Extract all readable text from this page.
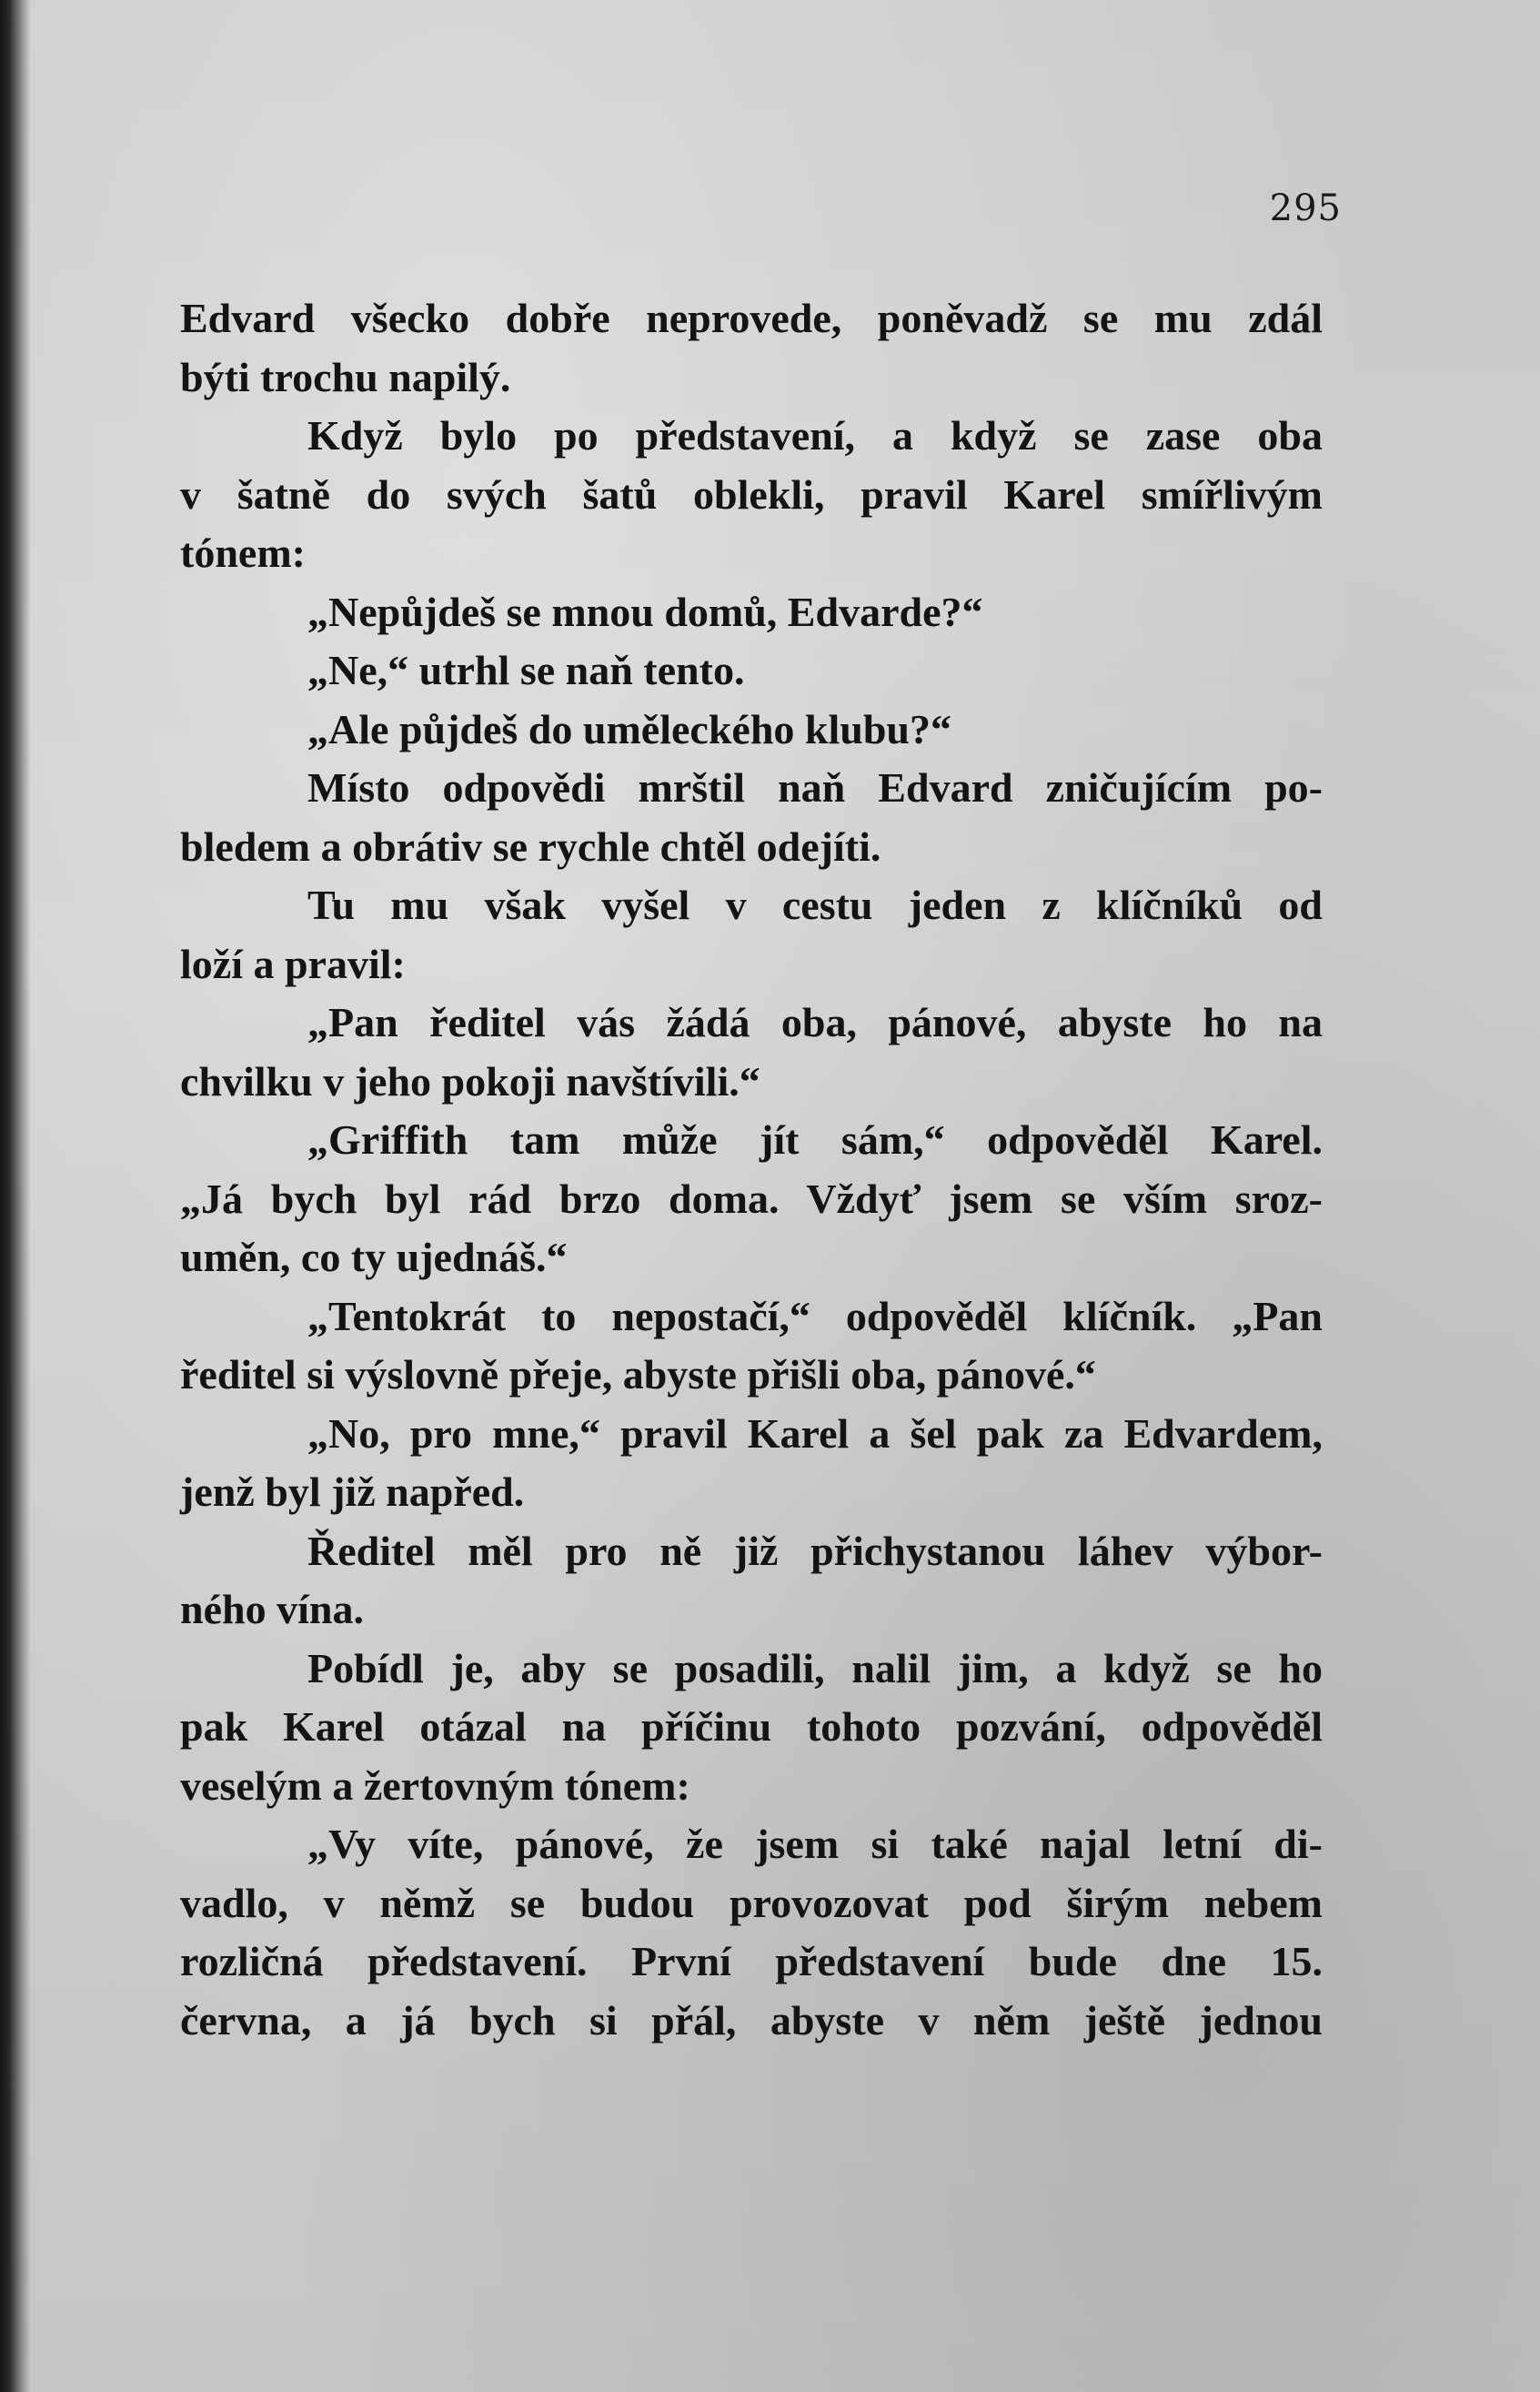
295
Edvard všecko dobře neprovede, poněvadž se mu zdál
býti trochu napilý.
Když bylo po představení, a když se zase oba
v šatně do svých šatů oblekli, pravil Karel smířlivým
tónem:
„Nepůjdeš se mnou domů, Edvarde?“
„Ne,“ utrhl se naň tento.
„Ale půjdeš do uměleckého klubu?“
Místo odpovědi mrštil naň Edvard zničujícím po-
bledem a obrátiv se rychle chtěl odejíti.
Tu mu však vyšel v cestu jeden z klíčníků od
loží a pravil:
„Pan ředitel vás žádá oba, pánové, abyste ho na
chvilku v jeho pokoji navštívili.“
„Griffith tam může jít sám,“ odpověděl Karel.
„Já bych byl rád brzo doma. Vždyť jsem se vším sroz-
uměn, co ty ujednáš.“
„Tentokrát to nepostačí,“ odpověděl klíčník. „Pan
ředitel si výslovně přeje, abyste přišli oba, pánové.“
„No, pro mne,“ pravil Karel a šel pak za Edvardem,
jenž byl již napřed.
Ředitel měl pro ně již přichystanou láhev výbor-
ného vína.
Pobídl je, aby se posadili, nalil jim, a když se ho
pak Karel otázal na příčinu tohoto pozvání, odpověděl
veselým a žertovným tónem:
„Vy víte, pánové, že jsem si také najal letní di-
vadlo, v němž se budou provozovat pod širým nebem
rozličná představení. První představení bude dne 15.
června, a já bych si přál, abyste v něm ještě jednou
